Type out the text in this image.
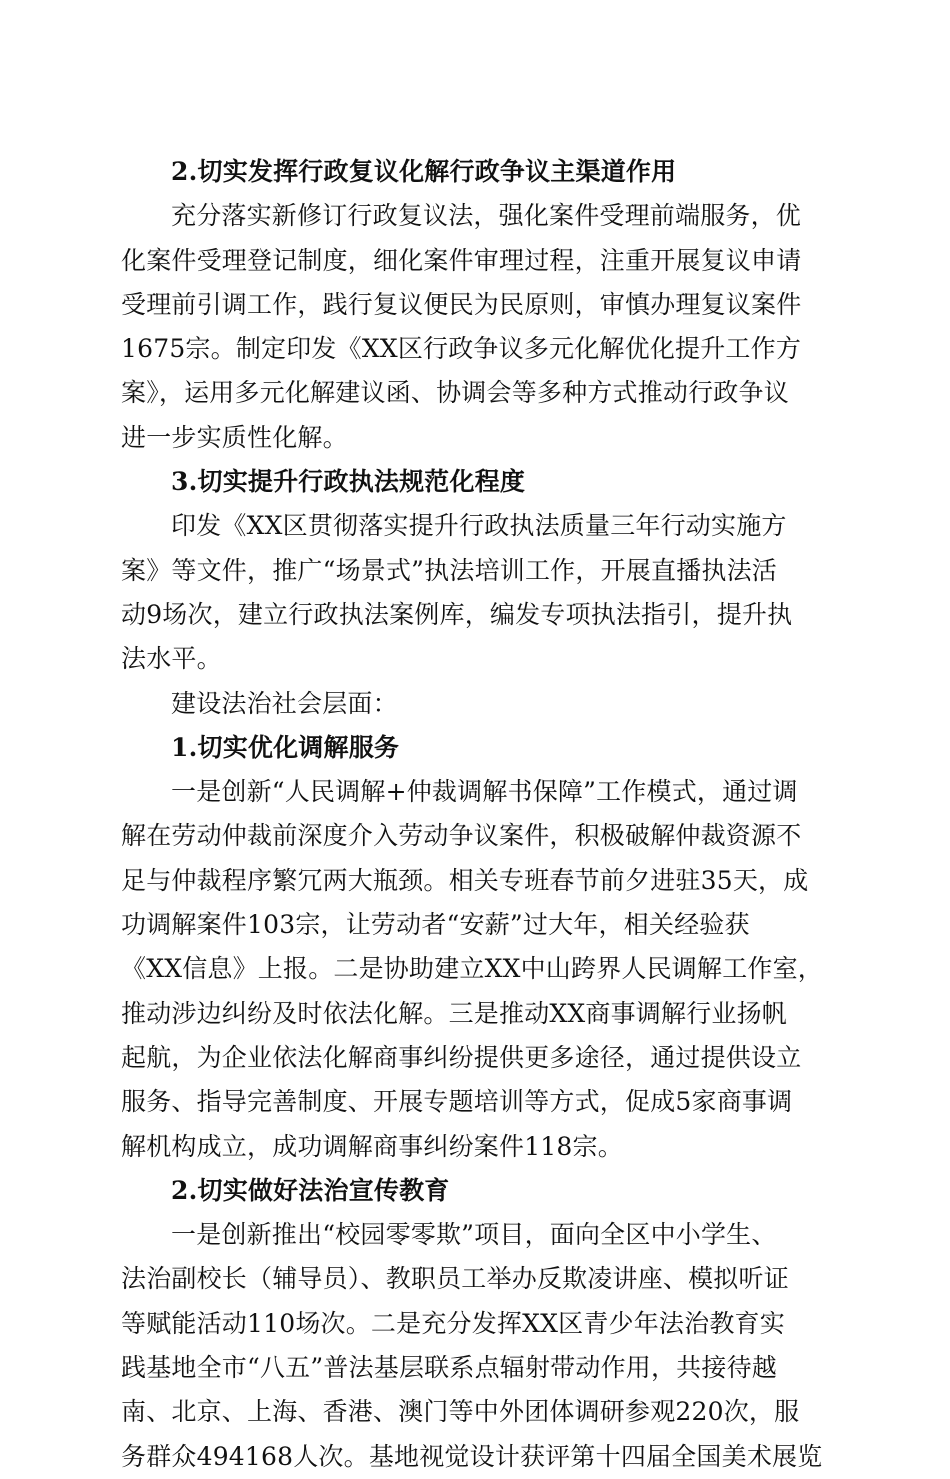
2.切实发挥行政复议化解行政争议主渠道作用
充分落实新修订行政复议法，强化案件受理前端服务，优
化案件受理登记制度，细化案件审理过程，注重开展复议申请
受理前引调工作，践行复议便民为民原则，审慎办理复议案件
1675宗。制定印发《XX区行政争议多元化解优化提升工作方
案》，运用多元化解建议函、协调会等多种方式推动行政争议
进一步实质性化解。
3.切实提升行政执法规范化程度
印发《XX区贯彻落实提升行政执法质量三年行动实施方
案》等文件，推广“场景式”执法培训工作，开展直播执法活
动9场次，建立行政执法案例库，编发专项执法指引，提升执
法水平。
建设法治社会层面：
1.切实优化调解服务
一是创新“人民调解+仲裁调解书保障”工作模式，通过调
解在劳动仲裁前深度介入劳动争议案件，积极破解仲裁资源不
足与仲裁程序繁冗两大瓶颈。相关专班春节前夕进驻35天，成
功调解案件103宗，让劳动者“安薪”过大年，相关经验获
《XX信息》上报。二是协助建立XX中山跨界人民调解工作室，
推动涉边纠纷及时依法化解。三是推动XX商事调解行业扬帆
起航，为企业依法化解商事纠纷提供更多途径，通过提供设立
服务、指导完善制度、开展专题培训等方式，促成5家商事调
解机构成立，成功调解商事纠纷案件118宗。
2.切实做好法治宣传教育
一是创新推出“校园零零欺”项目，面向全区中小学生、
法治副校长（辅导员）、教职员工举办反欺凌讲座、模拟听证
等赋能活动110场次。二是充分发挥XX区青少年法治教育实
践基地全市“八五”普法基层联系点辐射带动作用，共接待越
南、北京、上海、香港、澳门等中外团体调研参观220次，服
务群众494168人次。基地视觉设计获评第十四届全国美术展览
